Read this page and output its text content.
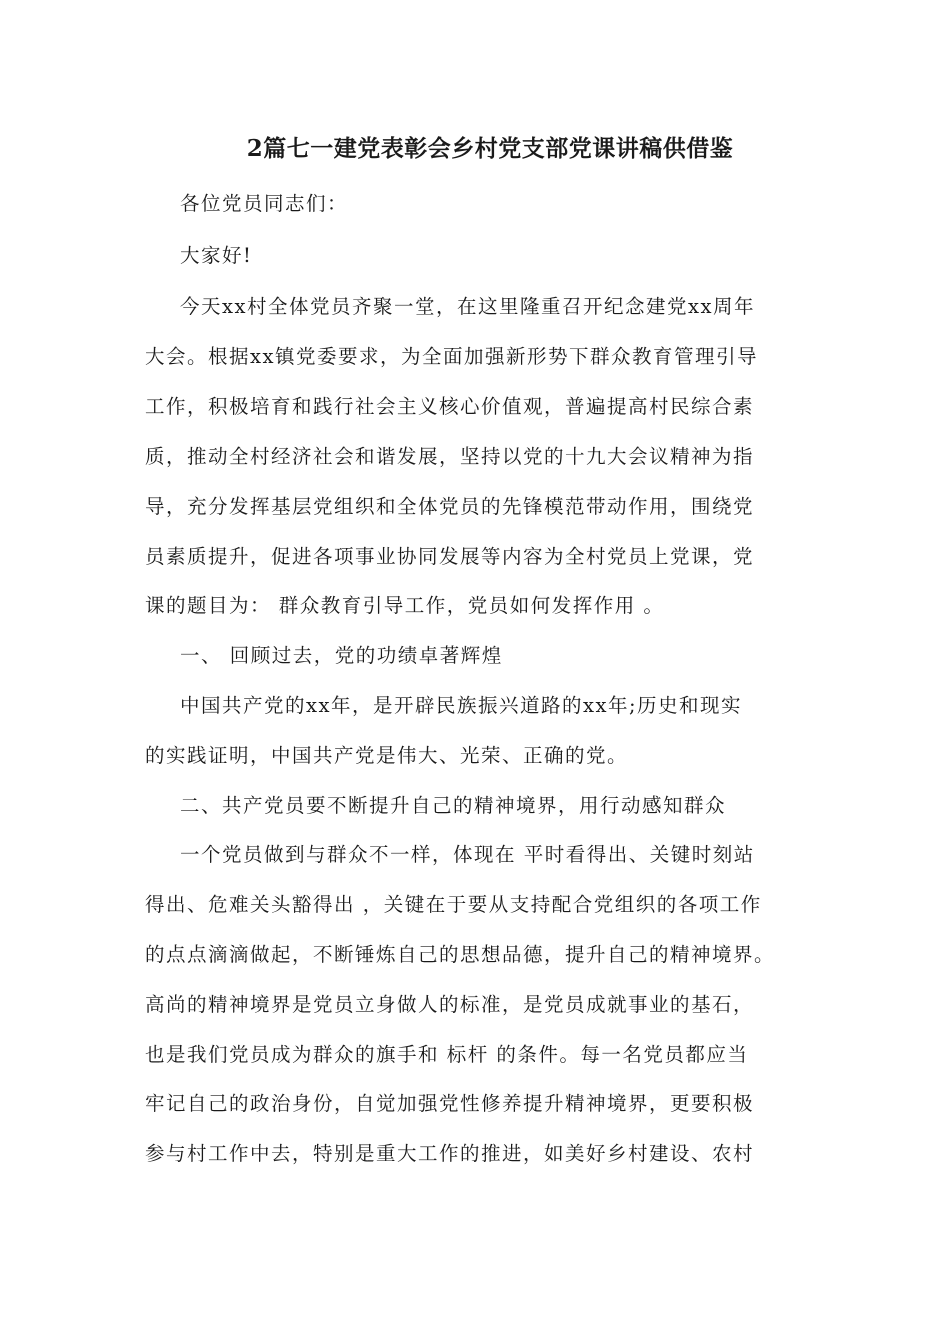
2篇七一建党表彰会乡村党支部党课讲稿供借鉴
各位党员同志们：
大家好!
今天xx村全体党员齐聚一堂，在这里隆重召开纪念建党xx周年
大会。根据xx镇党委要求，为全面加强新形势下群众教育管理引导
工作，积极培育和践行社会主义核心价值观，普遍提高村民综合素
质，推动全村经济社会和谐发展，坚持以党的十九大会议精神为指
导，充分发挥基层党组织和全体党员的先锋模范带动作用，围绕党
员素质提升，促进各项事业协同发展等内容为全村党员上党课，党
课的题目为： 群众教育引导工作，党员如何发挥作用 。
一、 回顾过去，党的功绩卓著辉煌
中国共产党的xx年，是开辟民族振兴道路的xx年;历史和现实
的实践证明，中国共产党是伟大、光荣、正确的党。
二、共产党员要不断提升自己的精神境界，用行动感知群众
一个党员做到与群众不一样，体现在 平时看得出、关键时刻站
得出、危难关头豁得出 ，关键在于要从支持配合党组织的各项工作
的点点滴滴做起，不断锤炼自己的思想品德，提升自己的精神境界。
高尚的精神境界是党员立身做人的标准，是党员成就事业的基石，
也是我们党员成为群众的旗手和 标杆 的条件。每一名党员都应当
牢记自己的政治身份，自觉加强党性修养提升精神境界，更要积极
参与村工作中去，特别是重大工作的推进，如美好乡村建设、农村
